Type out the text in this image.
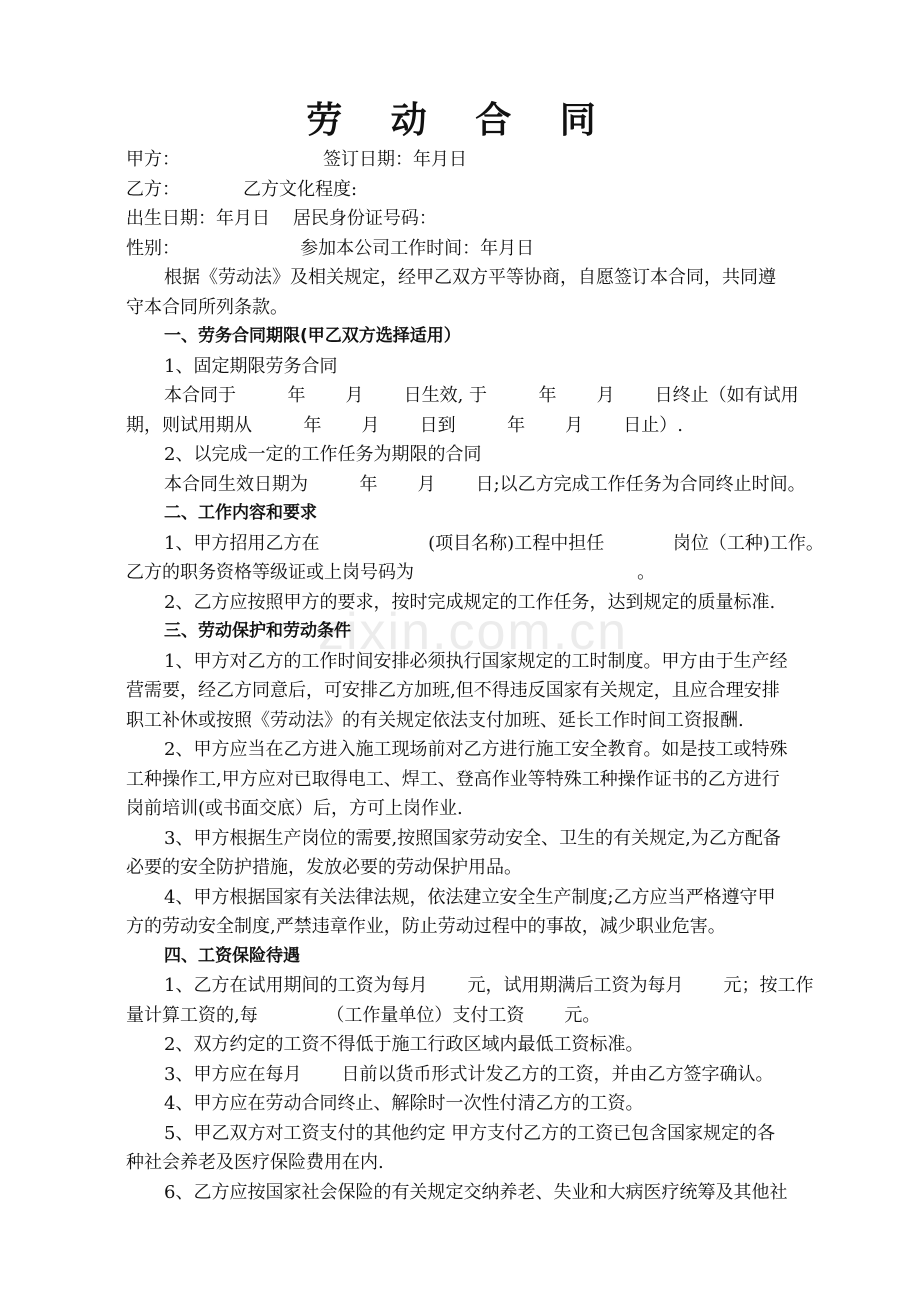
zixin.com.cn
劳 动 合 同
甲方：                         签订日期：年月日
乙方：           乙方文化程度:
出生日期：年月日    居民身份证号码：
性别：                     参加本公司工作时间：年月日
根据《劳动法》及相关规定，经甲乙双方平等协商，自愿签订本合同，共同遵
守本合同所列条款。
一、劳务合同期限(甲乙双方选择适用）
1、固定期限劳务合同
本合同于         年       月       日生效, 于         年       月       日终止（如有试用
期，则试用期从         年       月       日到         年       月       日止）.
2、以完成一定的工作任务为期限的合同
本合同生效日期为         年       月       日;以乙方完成工作任务为合同终止时间。
二、工作内容和要求
1、甲方招用乙方在                   (项目名称)工程中担任            岗位（工种)工作。
乙方的职务资格等级证或上岗号码为                                       。
2、乙方应按照甲方的要求，按时完成规定的工作任务，达到规定的质量标准.
三、劳动保护和劳动条件
1、甲方对乙方的工作时间安排必须执行国家规定的工时制度。甲方由于生产经
营需要，经乙方同意后，可安排乙方加班,但不得违反国家有关规定，且应合理安排
职工补休或按照《劳动法》的有关规定依法支付加班、延长工作时间工资报酬.
2、甲方应当在乙方进入施工现场前对乙方进行施工安全教育。如是技工或特殊
工种操作工,甲方应对已取得电工、焊工、登高作业等特殊工种操作证书的乙方进行
岗前培训(或书面交底）后，方可上岗作业.
3、甲方根据生产岗位的需要,按照国家劳动安全、卫生的有关规定,为乙方配备
必要的安全防护措施，发放必要的劳动保护用品。
4、甲方根据国家有关法律法规，依法建立安全生产制度;乙方应当严格遵守甲
方的劳动安全制度,严禁违章作业，防止劳动过程中的事故，减少职业危害。
四、工资保险待遇
1、乙方在试用期间的工资为每月       元，试用期满后工资为每月       元；按工作
量计算工资的,每            （工作量单位）支付工资       元。
2、双方约定的工资不得低于施工行政区域内最低工资标准。
3、甲方应在每月       日前以货币形式计发乙方的工资，并由乙方签字确认。
4、甲方应在劳动合同终止、解除时一次性付清乙方的工资。
5、甲乙双方对工资支付的其他约定 甲方支付乙方的工资已包含国家规定的各
种社会养老及医疗保险费用在内.
6、乙方应按国家社会保险的有关规定交纳养老、失业和大病医疗统筹及其他社
